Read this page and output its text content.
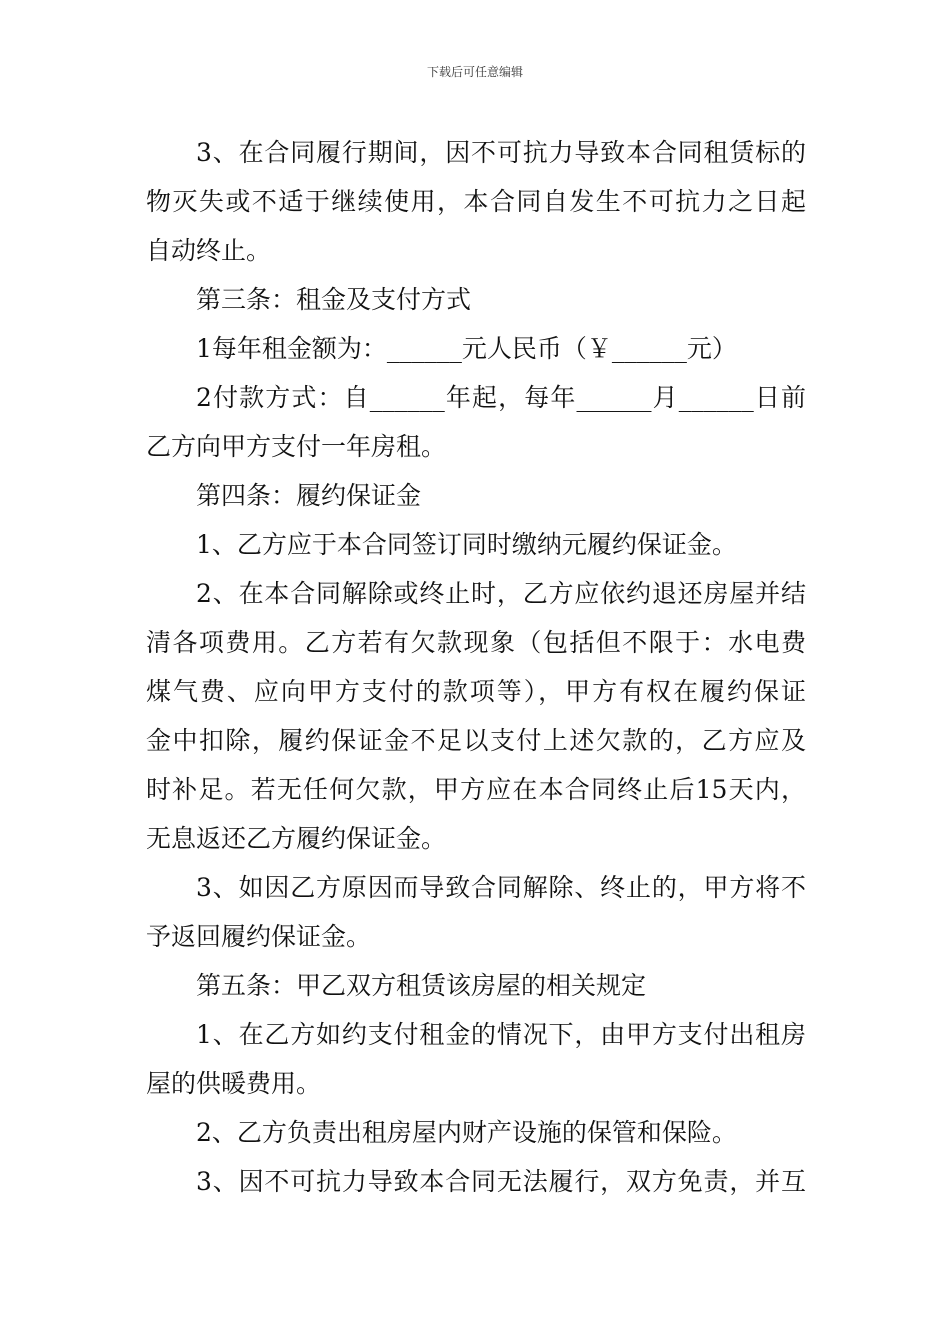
下载后可任意编辑
3、在合同履行期间，因不可抗力导致本合同租赁标的
物灭失或不适于继续使用，本合同自发生不可抗力之日起
自动终止。
第三条：租金及支付方式
1每年租金额为：______元人民币（￥______元）
2付款方式：自______年起，每年______月______日前
乙方向甲方支付一年房租。
第四条：履约保证金
1、乙方应于本合同签订同时缴纳元履约保证金。
2、在本合同解除或终止时，乙方应依约退还房屋并结
清各项费用。乙方若有欠款现象（包括但不限于：水电费
煤气费、应向甲方支付的款项等），甲方有权在履约保证
金中扣除，履约保证金不足以支付上述欠款的，乙方应及
时补足。若无任何欠款，甲方应在本合同终止后15天内，
无息返还乙方履约保证金。
3、如因乙方原因而导致合同解除、终止的，甲方将不
予返回履约保证金。
第五条：甲乙双方租赁该房屋的相关规定
1、在乙方如约支付租金的情况下，由甲方支付出租房
屋的供暖费用。
2、乙方负责出租房屋内财产设施的保管和保险。
3、因不可抗力导致本合同无法履行，双方免责，并互
